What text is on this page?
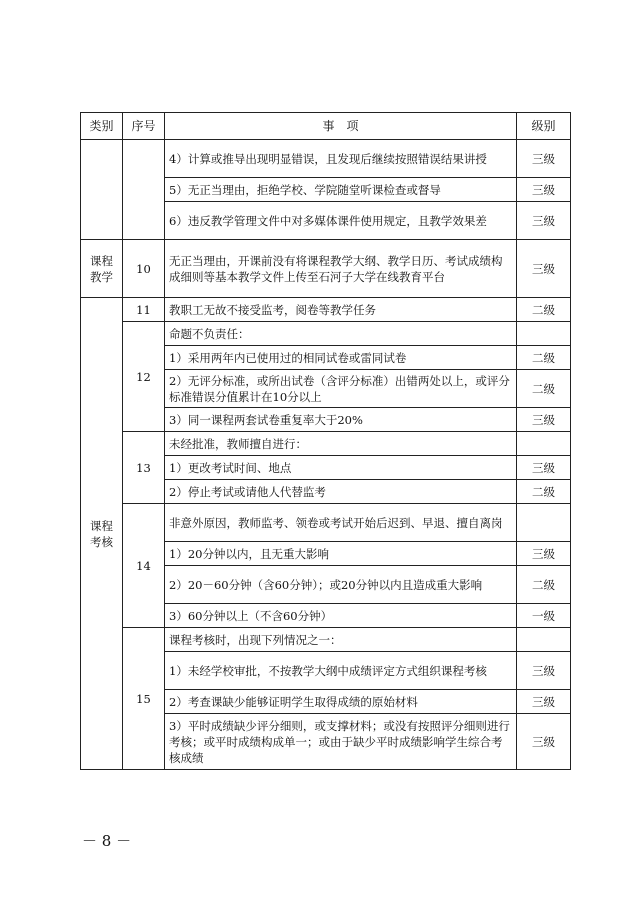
类别	序号	事　项	级别
		4）计算或推导出现明显错误，且发现后继续按照错误结果讲授	三级
		5）无正当理由，拒绝学校、学院随堂听课检查或督导	三级
		6）违反教学管理文件中对多媒体课件使用规定，且教学效果差	三级
课程教学	10	无正当理由，开课前没有将课程教学大纲、教学日历、考试成绩构成细则等基本教学文件上传至石河子大学在线教育平台	三级
课程考核	11	教职工无故不接受监考，阅卷等教学任务	二级
	12	命题不负责任：	
		1）采用两年内已使用过的相同试卷或雷同试卷	二级
		2）无评分标准，或所出试卷（含评分标准）出错两处以上，或评分标准错误分值累计在10分以上	二级
		3）同一课程两套试卷重复率大于20%	三级
	13	未经批准，教师擅自进行：	
		1）更改考试时间、地点	三级
		2）停止考试或请他人代替监考	二级
	14	非意外原因，教师监考、领卷或考试开始后迟到、早退、擅自离岗	
		1）20分钟以内，且无重大影响	三级
		2）20－60分钟（含60分钟）；或20分钟以内且造成重大影响	二级
		3）60分钟以上（不含60分钟）	一级
	15	课程考核时，出现下列情况之一：	
		1）未经学校审批，不按教学大纲中成绩评定方式组织课程考核	三级
		2）考查课缺少能够证明学生取得成绩的原始材料	三级
		3）平时成绩缺少评分细则，或支撑材料；或没有按照评分细则进行考核；或平时成绩构成单一；或由于缺少平时成绩影响学生综合考核成绩	三级
－ 8 －
